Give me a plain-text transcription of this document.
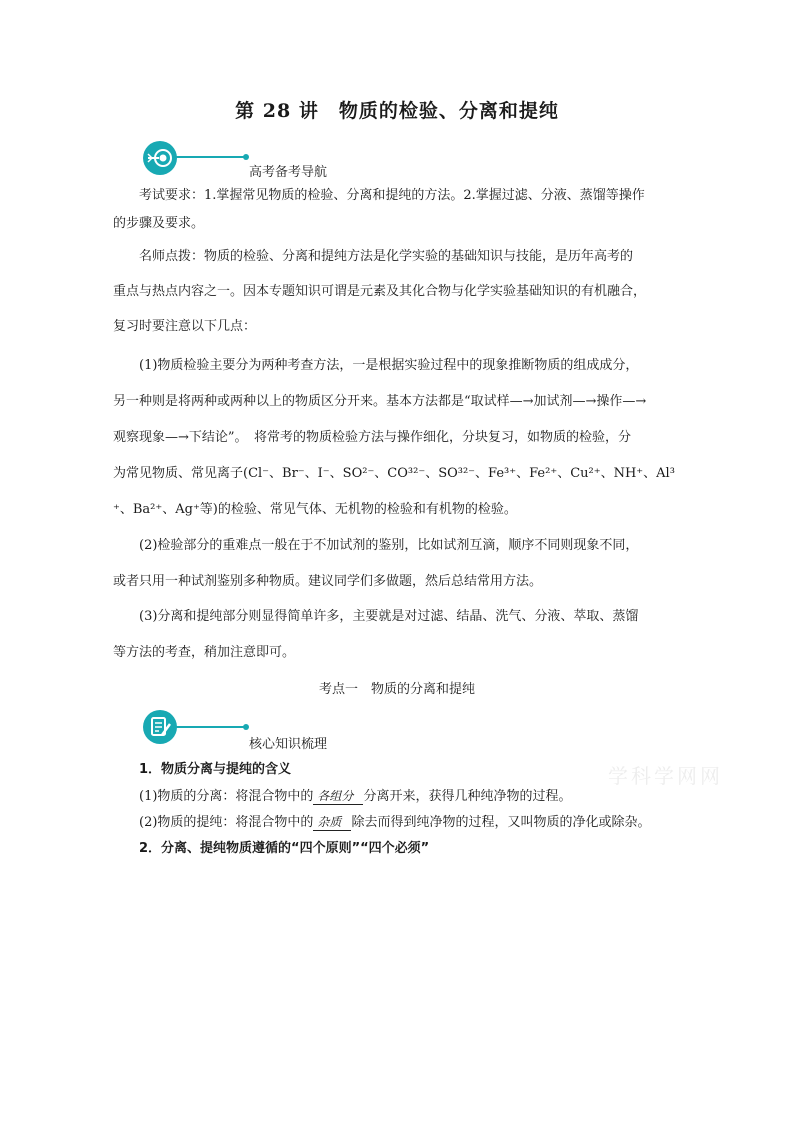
第 28 讲　物质的检验、分离和提纯
高考备考导航
考试要求：1.掌握常见物质的检验、分离和提纯的方法。2.掌握过滤、分液、蒸馏等操作
的步骤及要求。
名师点拨：物质的检验、分离和提纯方法是化学实验的基础知识与技能，是历年高考的
重点与热点内容之一。因本专题知识可谓是元素及其化合物与化学实验基础知识的有机融合，
复习时要注意以下几点：
(1)物质检验主要分为两种考查方法，一是根据实验过程中的现象推断物质的组成成分，
另一种则是将两种或两种以上的物质区分开来。基本方法都是“取试样—→加试剂—→操作—→
观察现象—→下结论”。　将常考的物质检验方法与操作细化，分块复习，如物质的检验，分
为常见物质、常见离子(Cl⁻、Br⁻、I⁻、SO²⁻、CO³²⁻、SO³²⁻、Fe³⁺、Fe²⁺、Cu²⁺、NH⁺、Al³
⁺、Ba²⁺、Ag⁺等)的检验、常见气体、无机物的检验和有机物的检验。
(2)检验部分的重难点一般在于不加试剂的鉴别，比如试剂互滴，顺序不同则现象不同，
或者只用一种试剂鉴别多种物质。建议同学们多做题，然后总结常用方法。
(3)分离和提纯部分则显得简单许多，主要就是对过滤、结晶、洗气、分液、萃取、蒸馏
等方法的考查，稍加注意即可。
考点一　物质的分离和提纯
核心知识梳理
1．物质分离与提纯的含义
(1)物质的分离：将混合物中的 各组分 分离开来，获得几种纯净物的过程。
(2)物质的提纯：将混合物中的 杂质 除去而得到纯净物的过程，又叫物质的净化或除杂。
2．分离、提纯物质遵循的“四个原则”“四个必须”
学科学网网
